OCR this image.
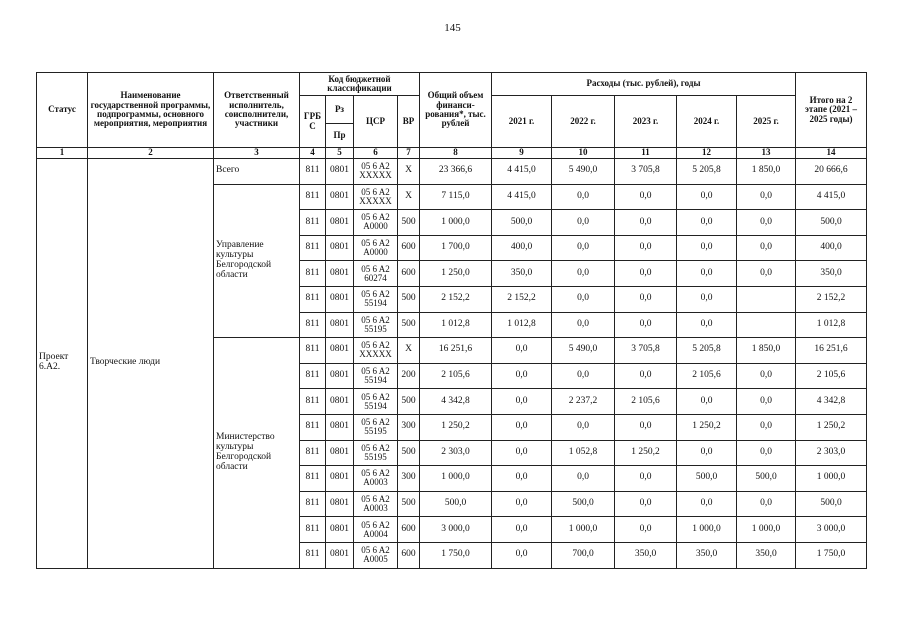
145
Статус	Наименование государственной программы, подпрограммы, основного мероприятия, мероприятия	Ответственный исполнитель, соисполнители, участники	Код бюджетной классификации				Общий объем финанси-рования*, тыс. рублей	Расходы (тыс. рублей), годы					Итого на 2 этапе (2021 – 2025 годы)
			ГРБ С	Рз	ЦСР	ВР		2021 г.	2022 г.	2023 г.	2024 г.	2025 г.	
				Пр									
1	2	3	4	5	6	7	8	9	10	11	12	13	14
Проект 6.А2.	Творческие люди	Всего	811	0801	05 6 A2 XXXXX	X	23 366,6	4 415,0	5 490,0	3 705,8	5 205,8	1 850,0	20 666,6
		Управление культуры Белгородской области	811	0801	05 6 A2 XXXXX	X	7 115,0	4 415,0	0,0	0,0	0,0	0,0	4 415,0
			811	0801	05 6 A2 A0000	500	1 000,0	500,0	0,0	0,0	0,0	0,0	500,0
			811	0801	05 6 A2 A0000	600	1 700,0	400,0	0,0	0,0	0,0	0,0	400,0
			811	0801	05 6 A2 60274	600	1 250,0	350,0	0,0	0,0	0,0	0,0	350,0
			811	0801	05 6 A2 55194	500	2 152,2	2 152,2	0,0	0,0	0,0		2 152,2
			811	0801	05 6 A2 55195	500	1 012,8	1 012,8	0,0	0,0	0,0		1 012,8
		Министерство культуры Белгородской области	811	0801	05 6 A2 XXXXX	X	16 251,6	0,0	5 490,0	3 705,8	5 205,8	1 850,0	16 251,6
			811	0801	05 6 A2 55194	200	2 105,6	0,0	0,0	0,0	2 105,6	0,0	2 105,6
			811	0801	05 6 A2 55194	500	4 342,8	0,0	2 237,2	2 105,6	0,0	0,0	4 342,8
			811	0801	05 6 A2 55195	300	1 250,2	0,0	0,0	0,0	1 250,2	0,0	1 250,2
			811	0801	05 6 A2 55195	500	2 303,0	0,0	1 052,8	1 250,2	0,0	0,0	2 303,0
			811	0801	05 6 A2 A0003	300	1 000,0	0,0	0,0	0,0	500,0	500,0	1 000,0
			811	0801	05 6 A2 A0003	500	500,0	0,0	500,0	0,0	0,0	0,0	500,0
			811	0801	05 6 A2 A0004	600	3 000,0	0,0	1 000,0	0,0	1 000,0	1 000,0	3 000,0
			811	0801	05 6 A2 A0005	600	1 750,0	0,0	700,0	350,0	350,0	350,0	1 750,0
